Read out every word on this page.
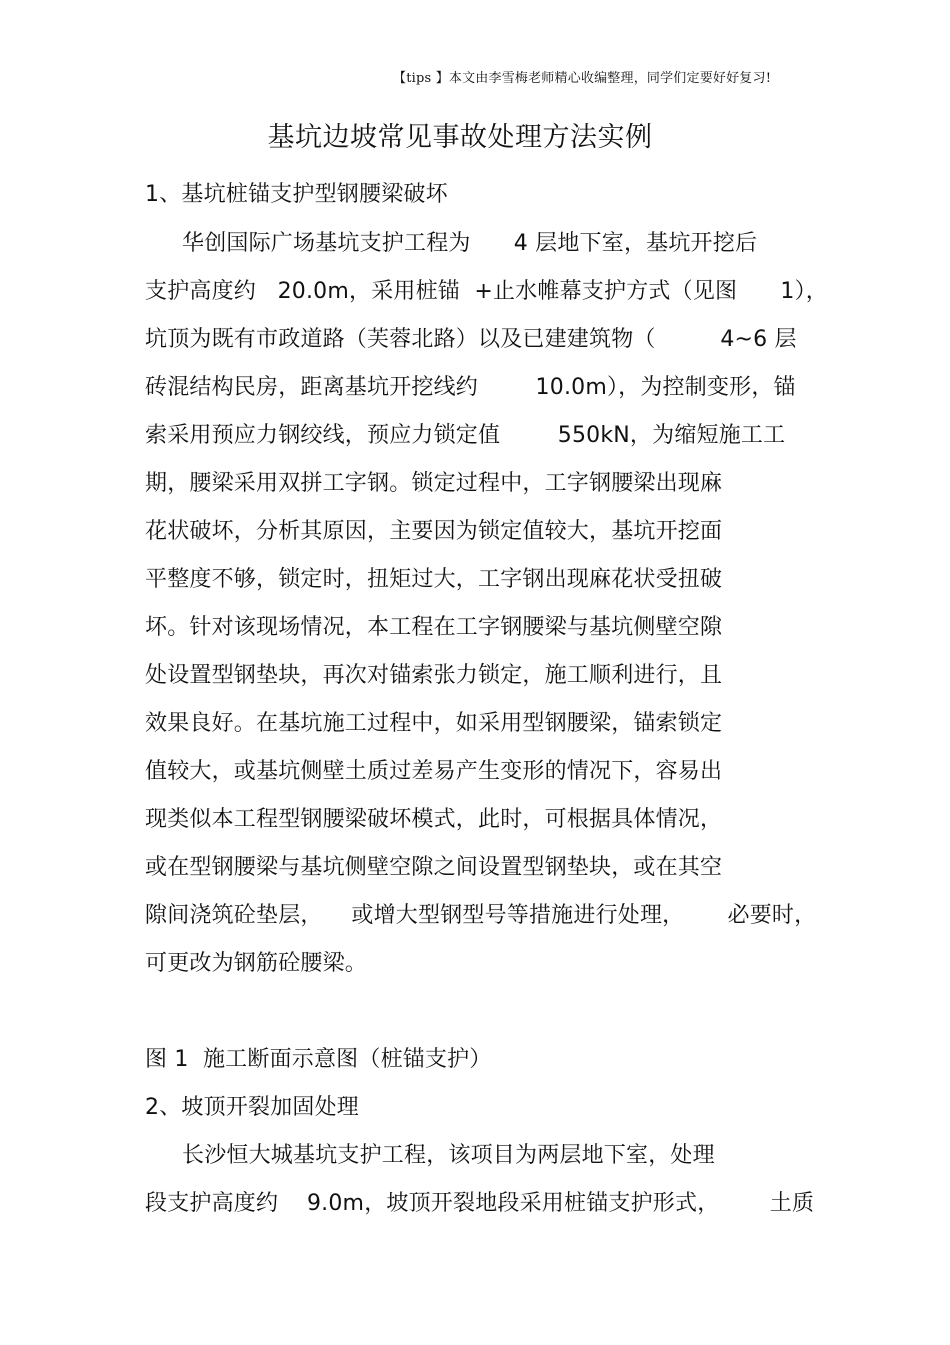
【tips 】本文由李雪梅老师精心收编整理，同学们定要好好复习!
基坑边坡常见事故处理方法实例
1、基坑桩锚支护型钢腰梁破坏
华创国际广场基坑支护工程为      4 层地下室，基坑开挖后
支护高度约   20.0m，采用桩锚  +止水帷幕支护方式（见图      1），
坑顶为既有市政道路（芙蓉北路）以及已建建筑物（         4~6 层
砖混结构民房，距离基坑开挖线约        10.0m），为控制变形，锚
索采用预应力钢绞线，预应力锁定值        550kN，为缩短施工工
期，腰梁采用双拼工字钢。锁定过程中，工字钢腰梁出现麻
花状破坏，分析其原因，主要因为锁定值较大，基坑开挖面
平整度不够，锁定时，扭矩过大，工字钢出现麻花状受扭破
坏。针对该现场情况，本工程在工字钢腰梁与基坑侧壁空隙
处设置型钢垫块，再次对锚索张力锁定，施工顺利进行，且
效果良好。在基坑施工过程中，如采用型钢腰梁，锚索锁定
值较大，或基坑侧壁土质过差易产生变形的情况下，容易出
现类似本工程型钢腰梁破坏模式，此时，可根据具体情况，
或在型钢腰梁与基坑侧壁空隙之间设置型钢垫块，或在其空
隙间浇筑砼垫层，    或增大型钢型号等措施进行处理，      必要时，
可更改为钢筋砼腰梁。
图 1  施工断面示意图（桩锚支护）
2、坡顶开裂加固处理
长沙恒大城基坑支护工程，该项目为两层地下室，处理
段支护高度约    9.0m，坡顶开裂地段采用桩锚支护形式，       土质
